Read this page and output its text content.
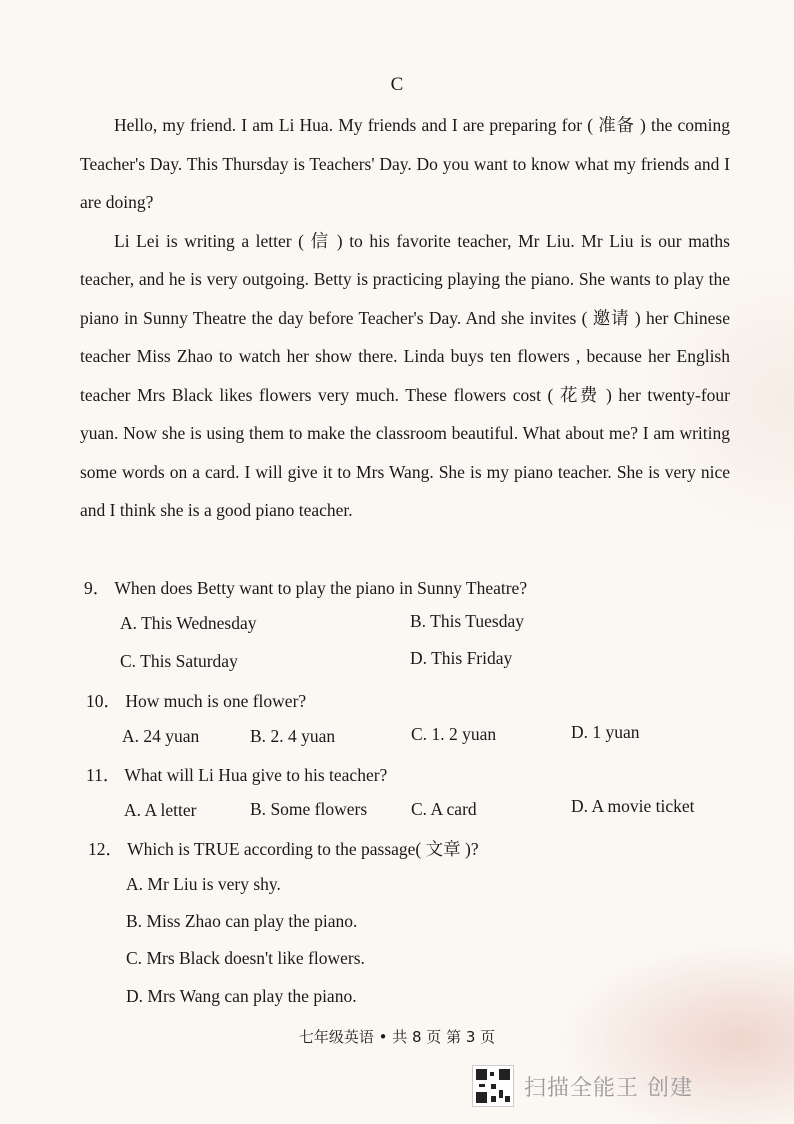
C

Hello, my friend. I am Li Hua. My friends and I are preparing for ( 准备 ) the coming Teacher's Day. This Thursday is Teachers' Day. Do you want to know what my friends and I are doing?

Li Lei is writing a letter ( 信 ) to his favorite teacher, Mr Liu. Mr Liu is our maths teacher, and he is very outgoing. Betty is practicing playing the piano. She wants to play the piano in Sunny Theatre the day before Teacher's Day. And she invites ( 邀请 ) her Chinese teacher Miss Zhao to watch her show there. Linda buys ten flowers , because her English teacher Mrs Black likes flowers very much. These flowers cost ( 花费 ) her twenty-four yuan. Now she is using them to make the classroom beautiful. What about me? I am writing some words on a card. I will give it to Mrs Wang. She is my piano teacher. She is very nice and I think she is a good piano teacher.

9． When does Betty want to play the piano in Sunny Theatre?
A. This Wednesday	B. This Tuesday
C. This Saturday	D. This Friday
10． How much is one flower?
A. 24 yuan	B. 2. 4 yuan	C. 1. 2 yuan	D. 1 yuan
11． What will Li Hua give to his teacher?
A. A letter	B. Some flowers	C. A card	D. A movie ticket
12． Which is TRUE according to the passage( 文章 )?
A. Mr Liu is very shy.
B. Miss Zhao can play the piano.
C. Mrs Black doesn't like flowers.
D. Mrs Wang can play the piano.
七年级英语 • 共 8 页 第 3 页
扫描全能王 创建
